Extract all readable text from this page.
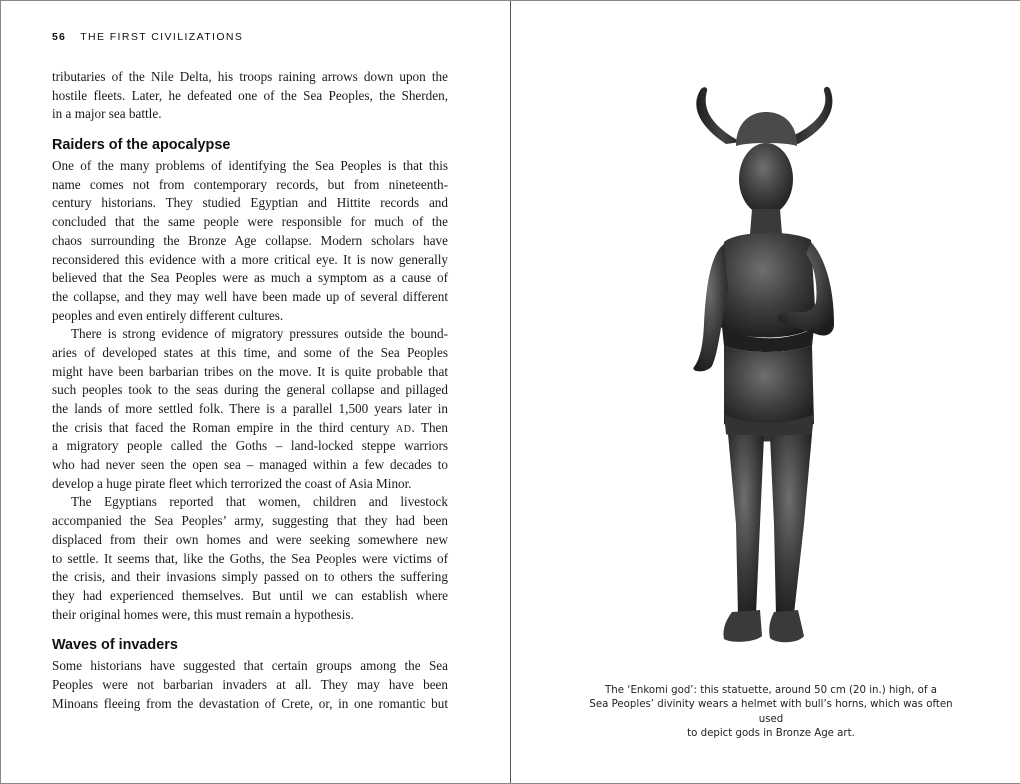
56 THE FIRST CIVILIZATIONS
tributaries of the Nile Delta, his troops raining arrows down upon the
hostile fleets. Later, he defeated one of the Sea Peoples, the Sherden,
in a major sea battle.
Raiders of the apocalypse
One of the many problems of identifying the Sea Peoples is that this
name comes not from contemporary records, but from nineteenth-
century historians. They studied Egyptian and Hittite records and
concluded that the same people were responsible for much of the
chaos surrounding the Bronze Age collapse. Modern scholars have
reconsidered this evidence with a more critical eye. It is now generally
believed that the Sea Peoples were as much a symptom as a cause of
the collapse, and they may well have been made up of several different
peoples and even entirely different cultures.
There is strong evidence of migratory pressures outside the bound-
aries of developed states at this time, and some of the Sea Peoples
might have been barbarian tribes on the move. It is quite probable that
such peoples took to the seas during the general collapse and pillaged
the lands of more settled folk. There is a parallel 1,500 years later in
the crisis that faced the Roman empire in the third century AD. Then
a migratory people called the Goths – land-locked steppe warriors
who had never seen the open sea – managed within a few decades to
develop a huge pirate fleet which terrorized the coast of Asia Minor.
The Egyptians reported that women, children and livestock
accompanied the Sea Peoples’ army, suggesting that they had been
displaced from their own homes and were seeking somewhere new
to settle. It seems that, like the Goths, the Sea Peoples were victims of
the crisis, and their invasions simply passed on to others the suffering
they had experienced themselves. But until we can establish where
their original homes were, this must remain a hypothesis.
Waves of invaders
Some historians have suggested that certain groups among the Sea
Peoples were not barbarian invaders at all. They may have been
Minoans fleeing from the devastation of Crete, or, in one romantic but
The ‘Enkomi god’: this statuette, around 50 cm (20 in.) high, of a
Sea Peoples’ divinity wears a helmet with bull’s horns, which was often used
to depict gods in Bronze Age art.
